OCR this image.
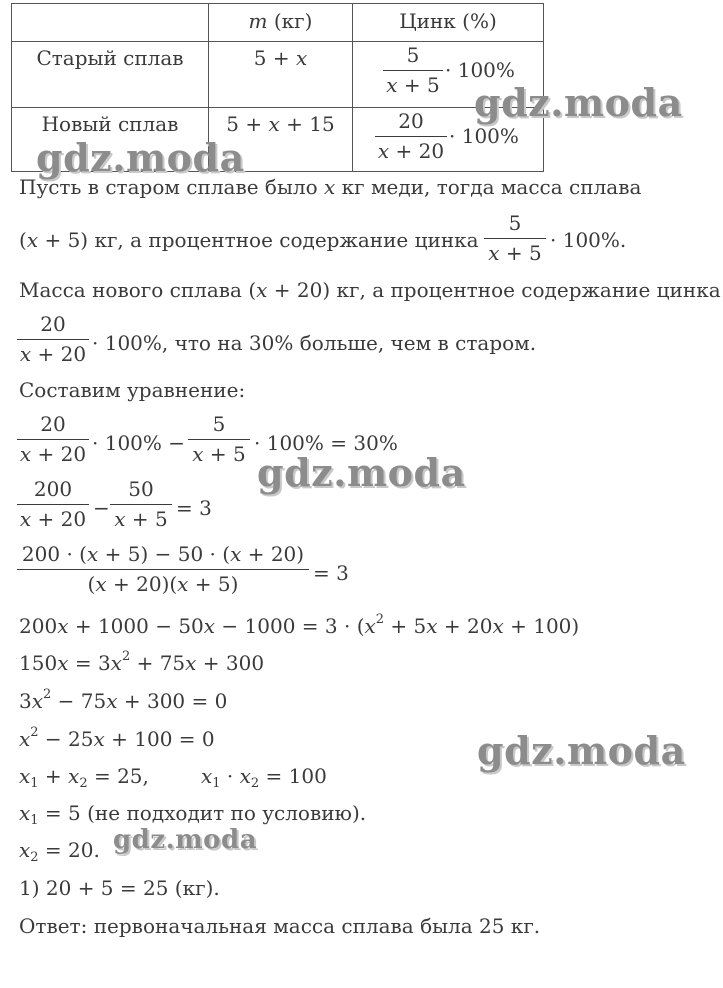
	m (кг)	Цинк (%)
Старый сплав	5 + x	5
x + 5
· 100%

Новый сплав	5 + x + 15	20
x + 20
· 100%
Пусть в старом сплаве было x кг меди, тогда масса сплава
(x + 5) кг, а процентное содержание цинка
5
x + 5
· 100%.
Масса нового сплава (x + 20) кг, а процентное содержание цинка
20
x + 20 · 100%, что на 30% больше, чем в старом.
Составим уравнение:
20
x + 20 · 100% −
5
x + 5 · 100% = 30%
200
x + 20 −
50
x + 5 = 3
200 · (x + 5) − 50 · (x + 20)
(x + 20)(x + 5)	= 3
$200x + 1000 - 50x - 1000 = 3 \cdot (x^2 + 5x + 20x + 100)$
$150x = 3x^2 + 75x + 300$
$3x^2 - 75x + 300 = 0$
$x^2 - 25x + 100 = 0$
$x_1 + x_2 = 25$,	$x_1 \cdot x_2 = 100$
$x_1 = 5$ (не подходит по условию).
$x_2 = 20$.
1) 20 + 5 = 25 (кг).
Ответ: первоначальная масса сплава была 25 кг.
gdz.moda
gdz.moda
gdz.moda
gdz.moda
gdz.moda
